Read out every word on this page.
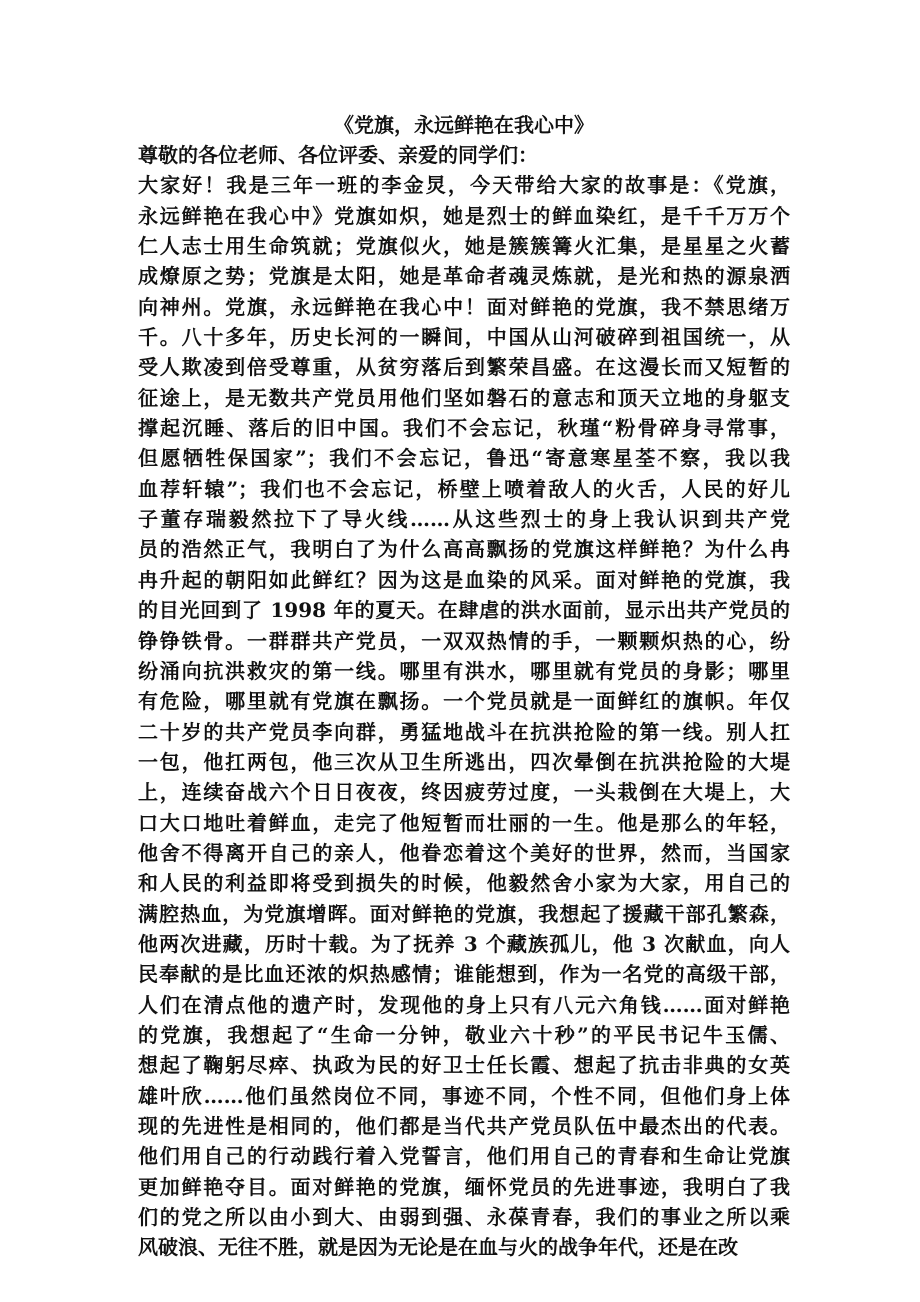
《党旗，永远鲜艳在我心中》
尊敬的各位老师、各位评委、亲爱的同学们：
大家好！我是三年一班的李金炅，今天带给大家的故事是：《党旗，
永远鲜艳在我心中》党旗如炽，她是烈士的鲜血染红，是千千万万个
仁人志士用生命筑就；党旗似火，她是簇簇篝火汇集，是星星之火蓄
成燎原之势；党旗是太阳，她是革命者魂灵炼就，是光和热的源泉洒
向神州。党旗，永远鲜艳在我心中！面对鲜艳的党旗，我不禁思绪万
千。八十多年，历史长河的一瞬间，中国从山河破碎到祖国统一，从
受人欺凌到倍受尊重，从贫穷落后到繁荣昌盛。在这漫长而又短暂的
征途上，是无数共产党员用他们坚如磐石的意志和顶天立地的身躯支
撑起沉睡、落后的旧中国。我们不会忘记，秋瑾“粉骨碎身寻常事，
但愿牺牲保国家”；我们不会忘记，鲁迅“寄意寒星荃不察，我以我
血荐轩辕”；我们也不会忘记，桥壁上喷着敌人的火舌，人民的好儿
子董存瑞毅然拉下了导火线……从这些烈士的身上我认识到共产党
员的浩然正气，我明白了为什么高高飘扬的党旗这样鲜艳？为什么冉
冉升起的朝阳如此鲜红？因为这是血染的风采。面对鲜艳的党旗，我
的目光回到了 1998 年的夏天。在肆虐的洪水面前，显示出共产党员的
铮铮铁骨。一群群共产党员，一双双热情的手，一颗颗炽热的心，纷
纷涌向抗洪救灾的第一线。哪里有洪水，哪里就有党员的身影；哪里
有危险，哪里就有党旗在飘扬。一个党员就是一面鲜红的旗帜。年仅
二十岁的共产党员李向群，勇猛地战斗在抗洪抢险的第一线。别人扛
一包，他扛两包，他三次从卫生所逃出，四次晕倒在抗洪抢险的大堤
上，连续奋战六个日日夜夜，终因疲劳过度，一头栽倒在大堤上，大
口大口地吐着鲜血，走完了他短暂而壮丽的一生。他是那么的年轻，
他舍不得离开自己的亲人，他眷恋着这个美好的世界，然而，当国家
和人民的利益即将受到损失的时候，他毅然舍小家为大家，用自己的
满腔热血，为党旗增晖。面对鲜艳的党旗，我想起了援藏干部孔繁森，
他两次进藏，历时十载。为了抚养 3 个藏族孤儿，他 3 次献血，向人
民奉献的是比血还浓的炽热感情；谁能想到，作为一名党的高级干部，
人们在清点他的遗产时，发现他的身上只有八元六角钱……面对鲜艳
的党旗，我想起了“生命一分钟，敬业六十秒”的平民书记牛玉儒、
想起了鞠躬尽瘁、执政为民的好卫士任长霞、想起了抗击非典的女英
雄叶欣……他们虽然岗位不同，事迹不同，个性不同，但他们身上体
现的先进性是相同的，他们都是当代共产党员队伍中最杰出的代表。
他们用自己的行动践行着入党誓言，他们用自己的青春和生命让党旗
更加鲜艳夺目。面对鲜艳的党旗，缅怀党员的先进事迹，我明白了我
们的党之所以由小到大、由弱到强、永葆青春，我们的事业之所以乘
风破浪、无往不胜，就是因为无论是在血与火的战争年代，还是在改
